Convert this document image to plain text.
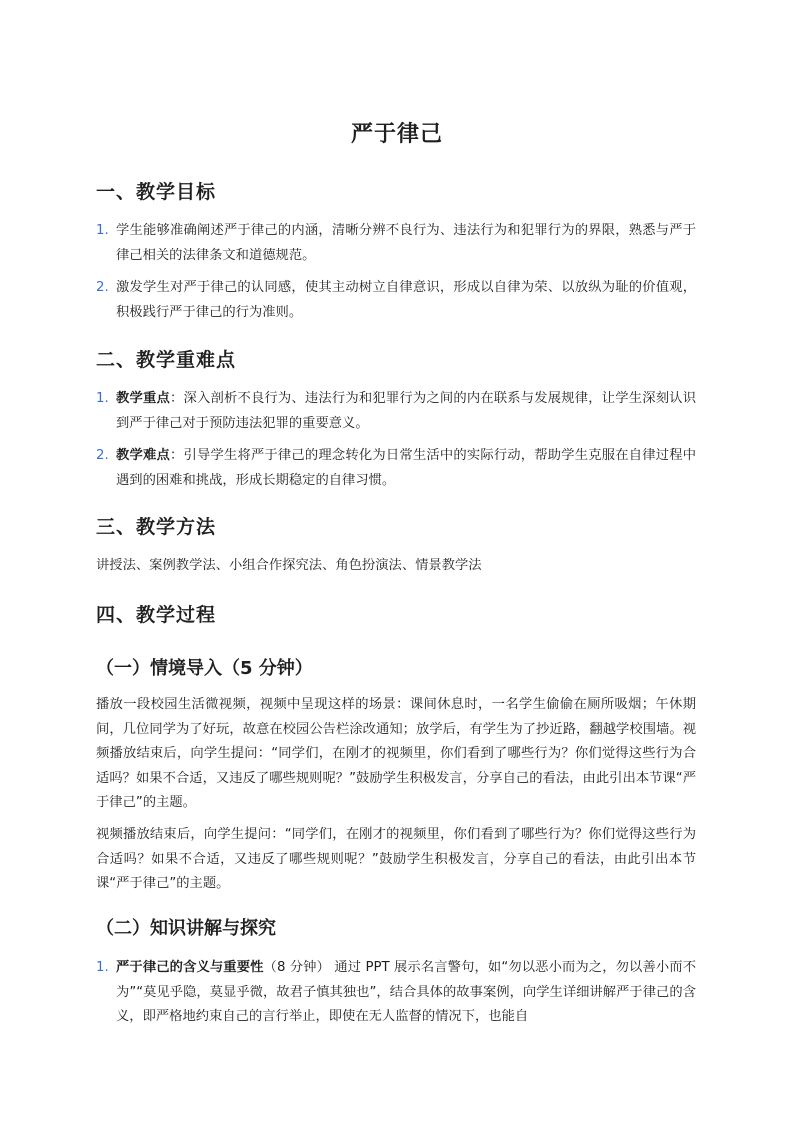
严于律己
一、教学目标
1. 学生能够准确阐述严于律己的内涵，清晰分辨不良行为、违法行为和犯罪行为的界限，熟悉与严于律己相关的法律条文和道德规范。
2. 激发学生对严于律己的认同感，使其主动树立自律意识，形成以自律为荣、以放纵为耻的价值观，积极践行严于律己的行为准则。
二、教学重难点
1. 教学重点：深入剖析不良行为、违法行为和犯罪行为之间的内在联系与发展规律，让学生深刻认识到严于律己对于预防违法犯罪的重要意义。
2. 教学难点：引导学生将严于律己的理念转化为日常生活中的实际行动，帮助学生克服在自律过程中遇到的困难和挑战，形成长期稳定的自律习惯。
三、教学方法

讲授法、案例教学法、小组合作探究法、角色扮演法、情景教学法

四、教学过程
（一）情境导入（5 分钟）

播放一段校园生活微视频，视频中呈现这样的场景：课间休息时，一名学生偷偷在厕所吸烟；午休期间，几位同学为了好玩，故意在校园公告栏涂改通知；放学后，有学生为了抄近路，翻越学校围墙。视频播放结束后，向学生提问：“同学们，在刚才的视频里，你们看到了哪些行为？你们觉得这些行为合适吗？如果不合适，又违反了哪些规则呢？”鼓励学生积极发言，分享自己的看法，由此引出本节课“严于律己”的主题。

视频播放结束后，向学生提问：“同学们，在刚才的视频里，你们看到了哪些行为？你们觉得这些行为合适吗？如果不合适，又违反了哪些规则呢？”鼓励学生积极发言，分享自己的看法，由此引出本节课“严于律己”的主题。

（二）知识讲解与探究
1. 严于律己的含义与重要性（8 分钟） 通过 PPT 展示名言警句，如“勿以恶小而为之，勿以善小而不为”“莫见乎隐，莫显乎微，故君子慎其独也”，结合具体的故事案例，向学生详细讲解严于律己的含义，即严格地约束自己的言行举止，即使在无人监督的情况下，也能自
